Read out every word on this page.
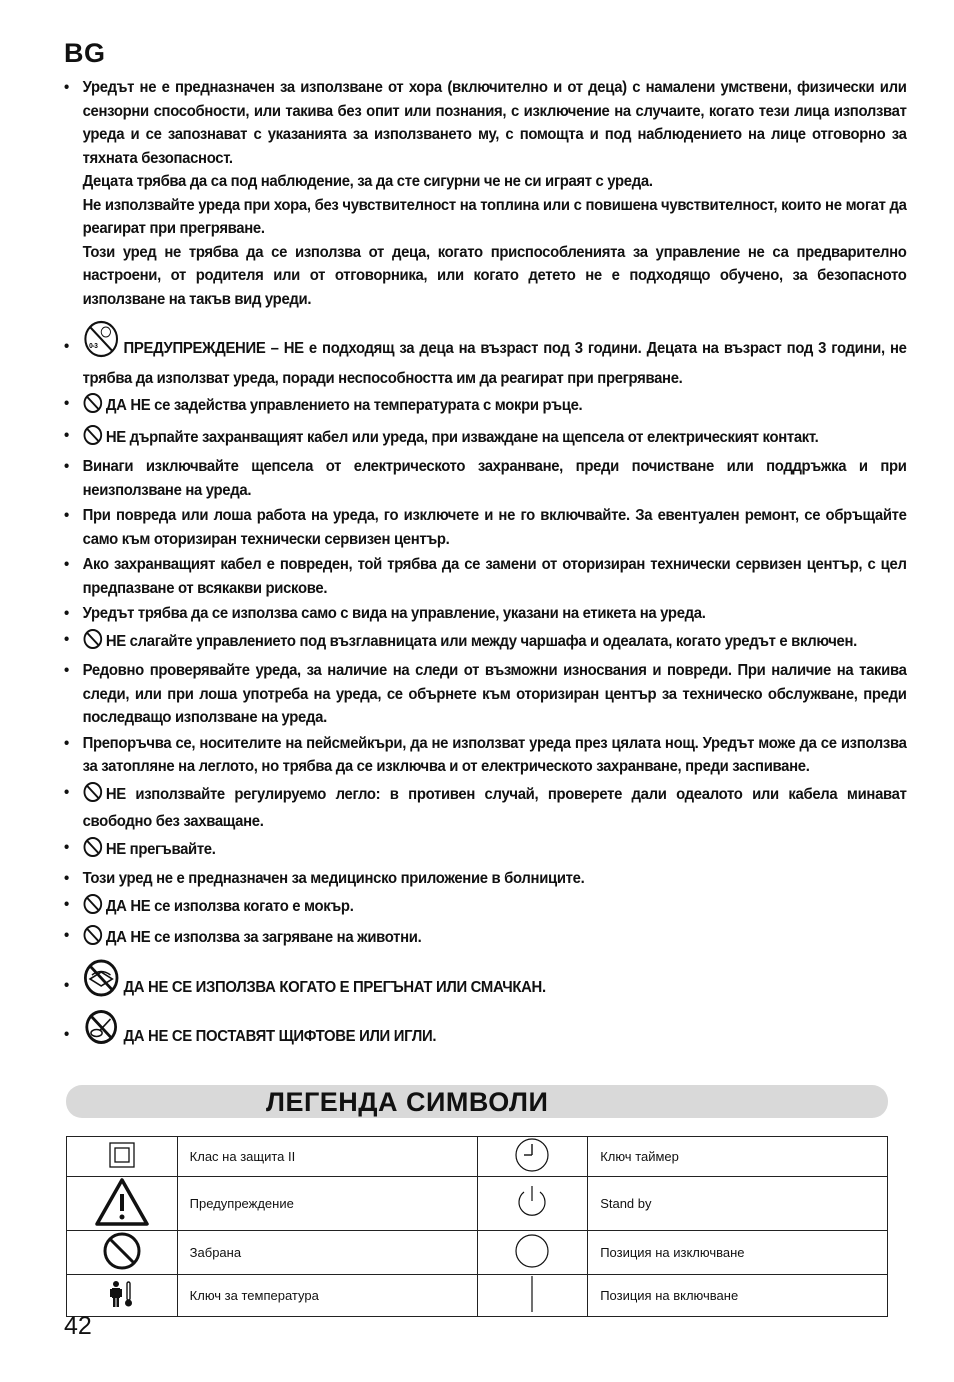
BG
• Уредът не е предназначен за използване от хора (включително и от деца) с намалени умствени, физически или сензорни способности, или такива без опит или познания, с изключение на случаите, когато тези лица използват уреда и се запознават с указанията за използването му, с помощта и под наблюдението на лице отговорно за тяхната безопасност.

Децата трябва да са под наблюдение, за да сте сигурни че не си играят с уреда.

Не използвайте уреда при хора, без чувствителност на топлина или с повишена чувствителност, които не могат да реагират при прегряване.

Този уред не трябва да се използва от деца, когато приспособленията за управление не са предварително настроени, от родителя или от отговорника, или когато детето не е подходящо обучено, за безопасното използване на такъв вид уреди.

•	0-3 ПРЕДУПРЕЖДЕНИЕ – НЕ е подходящ за деца на възраст под 3 години. Децата на възраст под 3 години, не трябва да използват уреда, поради неспособността им да реагират при прегряване.

•	ДА НЕ се задейства управлението на температурата с мокри ръце.

•	НЕ дърпайте захранващият кабел или уреда, при изваждане на щепсела от електрическият контакт.

• Винаги изключвайте щепсела от електрическото захранване, преди почистване или поддръжка и при неизползване на уреда.

• При повреда или лоша работа на уреда, го изключете и не го включвайте. За евентуален ремонт, се обръщайте само към оторизиран технически сервизен център.

• Ако захранващият кабел е повреден, той трябва да се замени от оторизиран технически сервизен център, с цел предпазване от всякакви рискове.

• Уредът трябва да се използва само с вида на управление, указани на етикета на уреда.

•	НЕ слагайте управлението под възглавницата или между чаршафа и одеалата, когато уредът е включен.

• Редовно проверявайте уреда, за наличие на следи от възможни износвания и повреди. При наличие на такива следи, или при лоша употреба на уреда, се обърнете към оторизиран център за техническо обслужване, преди последващо използване на уреда.

• Препоръчва се, носителите на пейсмейкъри, да не използват уреда през цялата нощ. Уредът може да се използва за затопляне на леглото, но трябва да се изключва и от електрическото захранване, преди заспиване.

•	НЕ използвайте регулируемо легло: в противен случай, проверете дали одеалото или кабела минават свободно без захващане.

•	НЕ прегъвайте.

• Този уред не е предназначен за медицинско приложение в болниците.

•	ДА НЕ се използва когато е мокър.

•	ДА НЕ се използва за загряване на животни.

•	ДА НЕ СЕ ИЗПОЛЗВА КОГАТО Е ПРЕГЪНАТ ИЛИ СМАЧКАН.

•	ДА НЕ СЕ ПОСТАВЯТ ЩИФТОВЕ ИЛИ ИГЛИ.

ЛЕГЕНДА СИМВОЛИ
	Клас на защита II		Ключ таймер
	Предупреждение		Stand by
	Забрана		Позиция на изключване
	Ключ за температура		Позиция на включване
42
